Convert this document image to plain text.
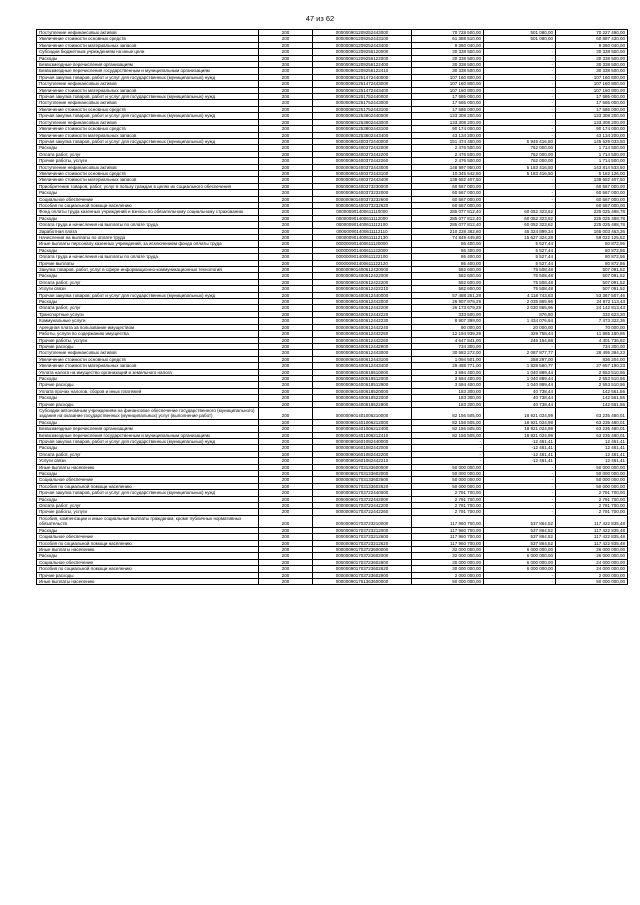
47 из 62
Поступление нефинансовых активов	200	000000901209252443000	70 728 500,00	501 080,00	70 227 490,00
Увеличение стоимости основных средств	200	000000901209252443100	61 388 510,00	501 080,00	60 887 430,00
Увеличение стоимости материальных запасов	200	000000901209252443400	9 360 040,00	-	9 360 040,00
Субсидии бюджетным учреждениям на иные цели	200	000000901209256120000	30 338 500,00	-	30 338 500,00
Расходы	200	000000901209256122000	30 338 500,00	-	30 338 500,00
Безвозмездные перечисления организациям	200	000000901209256122400	30 338 500,00	-	30 338 500,00
Безвозмездные перечисления государственным и муниципальным организациям	200	000000901209256122410	30 338 500,00	-	30 338 500,00
Прочая закупка товаров, работ и услуг для государственных (муниципальных) нужд	200	000000901251472440000	107 160 800,00	-	107 160 800,00
Поступление нефинансовых активов	200	000000901251472443000	107 160 800,00	-	107 160 800,00
Увеличение стоимости материальных запасов	200	000000901251472443400	107 160 800,00	-	107 160 800,00
Прочая закупка товаров, работ и услуг для государственных (муниципальных) нужд	200	000000901251752440000	17 586 000,00	-	17 586 000,00
Поступление нефинансовых активов	200	000000901251752443000	17 586 000,00	-	17 586 000,00
Увеличение стоимости основных средств	200	000000901251752443100	17 586 000,00	-	17 586 000,00
Прочая закупка товаров, работ и услуг для государственных (муниципальных) нужд	200	000000901253802440000	133 308 200,00	-	133 308 200,00
Поступление нефинансовых активов	200	000000901253802443000	133 308 200,00	-	133 308 200,00
Увеличение стоимости основных средств	200	000000901253802443100	90 174 000,00	-	90 174 000,00
Увеличение стоимости материальных запасов	200	000000901253802443400	43 134 200,00	-	43 134 200,00
Прочая закупка товаров, работ и услуг для государственных (муниципальных) нужд	200	000000901400372440000	151 474 450,00	5 945 416,50	145 529 033,50
Расходы	200	000000901400372442000	2 476 500,00	762 000,00	1 714 500,00
Оплата работ, услуг	200	000000901400372442200	2 476 500,00	762 000,00	1 714 500,00
Прочие работы, услуги	200	000000901400372442260	2 476 500,00	762 000,00	1 714 500,00
Поступление нефинансовых активов	200	000000901400372443000	148 997 950,00	5 183 416,50	143 814 533,50
Увеличение стоимости основных средств	200	000000901400372443100	10 345 542,50	5 183 416,50	5 162 126,00
Увеличение стоимости материальных запасов	200	000000901400372443400	138 652 407,50	-	138 652 407,50
Приобретение товаров, работ, услуг в пользу граждан в целях их социального обеспечения	200	000000901400373230000	60 567 000,00	-	60 567 000,00
Расходы	200	000000901400373232000	60 567 000,00	-	60 567 000,00
Социальное обеспечение	200	000000901400373232600	60 567 000,00	-	60 567 000,00
Пособия по социальной помощи населению	200	000000901400373232620	60 567 000,00	-	60 567 000,00
Фонд оплаты труда казенных учреждений и взносы по обязательному социальному страхованию	200	000000901400611110000	285 077 812,40	60 052 323,62	225 025 488,78
Расходы	200	000000901400611112000	285 077 812,40	60 052 323,62	225 025 488,78
Оплата труда и начисления на выплаты по оплате труда	200	000000901400611112100	285 077 812,40	60 052 323,62	225 025 488,78
Заработная плата	200	000000901400611112110	210 228 362,60	45 324 899,34	165 003 463,26
Начисления на выплаты по оплате труда	200	000000901400611112130	74 849 449,80	15 627 324,28	59 022 125,52
Иные выплаты персоналу казенных учреждений, за исключением фонда оплаты труда	200	000000901400611120000	86 400,00	5 527,44	80 872,56
Расходы	200	000000901400611122000	86 400,00	5 527,44	80 872,56
Оплата труда и начисления на выплаты по оплате труда	200	000000901400611122100	86 400,00	5 527,44	80 872,56
Прочие выплаты	200	000000901400611122120	86 400,00	5 527,44	80 872,56
Закупка товаров, работ, услуг в сфере информационно-коммуникационных технологий	200	000000901400612420000	582 600,00	75 508,48	507 091,52
Расходы	200	000000901400612422000	582 600,00	75 508,48	507 091,52
Оплата работ, услуг	200	000000901400612422200	582 600,00	75 508,48	507 091,52
Услуги связи	200	000000901400612422210	582 600,00	75 508,48	507 091,52
Прочая закупка товаров, работ и услуг для государственных (муниципальных) нужд	200	000000901400612440000	57 488 251,29	4 118 743,83	53 367 507,46
Расходы	200	000000901400612442000	26 907 979,29	2 035 865,96	24 872 113,43
Оплата работ, услуг	200	000000901400612442200	26 173 679,29	2 030 865,96	24 142 813,43
Транспортные услуги	200	000000901400612442220	333 500,00	876,80	332 623,20
Коммунальные услуги	200	000000901400612442230	8 907 399,00	1 434 076,64	7 473 322,36
Арендная плата за пользование имуществом	200	000000901400612442240	90 000,00	20 000,00	70 000,00
Работы, услуги по содержанию имущества	200	000000901400612442250	12 194 939,29	329 758,44	11 865 180,85
Прочие работы, услуги	200	000000901400612442260	4 647 841,00	246 154,68	4 401 736,82
Прочие расходы	200	000000901400612442900	734 300,00	-	734 300,00
Поступление нефинансовых активов	200	000000901400612443000	30 583 272,00	2 087 877,77	28 495 394,23
Увеличение стоимости основных средств	200	000000901400612443100	1 094 501,00	258 297,00	836 204,00
Увеличение стоимости материальных запасов	200	000000901400612443400	29 488 771,00	1 829 580,77	27 657 190,23
Уплата налога на имущество организаций и земельного налога	200	000000901400618510000	3 594 400,00	1 040 889,44	2 553 510,56
Расходы	200	000000901400618512000	3 594 400,00	1 040 889,44	2 553 510,56
Прочие расходы	200	000000901400618512900	3 594 400,00	1 040 889,44	2 553 510,56
Уплата прочих налогов, сборов и иных платежей	200	000000901400618520000	183 300,00	40 738,44	142 561,56
Расходы	200	000000901400618522000	183 300,00	40 738,44	142 561,56
Прочие расходы	200	000000901400618522900	183 300,00	40 738,44	142 561,56
Субсидии автономным учреждениям на финансовое обеспечение государственного (муниципального) задания на оказание государственных (муниципальных) услуг (выполнение работ)	200	000000901401006210000	82 156 505,00	18 921 024,99	63 235 480,01
Расходы	200	000000901401006212000	82 156 505,00	18 921 024,99	63 235 480,01
Безвозмездные перечисления организациям	200	000000901401006212400	82 156 505,00	18 921 024,99	63 235 480,01
Безвозмездные перечисления государственным и муниципальным организациям	200	000000901401006212410	82 156 505,00	18 921 024,99	63 235 480,01
Прочая закупка товаров, работ и услуг для государственных (муниципальных) нужд	200	000000901601082440000	-	-12 461,41	12 461,41
Расходы	200	000000901601082442000	-	-12 461,41	12 461,41
Оплата работ, услуг	200	000000901601082442200	-	-12 461,41	12 461,41
Услуги связи	200	000000901601082442210	-	-12 461,41	12 461,41
Иные выплаты населению	200	000000901703133600000	50 000 000,00	-	50 000 000,00
Расходы	200	000000901703133602000	50 000 000,00	-	50 000 000,00
Социальное обеспечение	200	000000901703133602600	50 000 000,00	-	50 000 000,00
Пособия по социальной помощи населению	200	000000901703133602620	50 000 000,00	-	50 000 000,00
Прочая закупка товаров, работ и услуг для государственных (муниципальных) нужд	200	000000901703722440000	2 791 700,00	-	2 791 700,00
Расходы	200	000000901703722442000	2 791 700,00	-	2 791 700,00
Оплата работ, услуг	200	000000901703722442200	2 791 700,00	-	2 791 700,00
Прочие работы, услуги	200	000000901703722442260	2 791 700,00	-	2 791 700,00
Пособия, компенсации и иные социальные выплаты гражданам, кроме публичных нормативных обязательств	200	000000901703723210000	117 960 700,00	537 864,52	117 422 835,48
Расходы	200	000000901703723212000	117 960 700,00	537 864,52	117 422 835,48
Социальное обеспечение	200	000000901703723212600	117 960 700,00	537 864,52	117 422 835,48
Пособия по социальной помощи населению	200	000000901703723212620	117 960 700,00	537 864,52	117 422 835,48
Иные выплаты населению	200	000000901703723600000	32 000 000,00	6 000 000,00	26 000 000,00
Расходы	200	000000901703723602000	32 000 000,00	6 000 000,00	26 000 000,00
Социальное обеспечение	200	000000901703723602600	30 000 000,00	6 000 000,00	24 000 000,00
Пособия по социальной помощи населению	200	000000901703723602620	30 000 000,00	6 000 000,00	24 000 000,00
Прочие расходы	200	000000901703723602900	2 000 000,00	-	2 000 000,00
Иные выплаты населению	200	000000901751363600000	50 000 000,00	-	50 000 000,00
